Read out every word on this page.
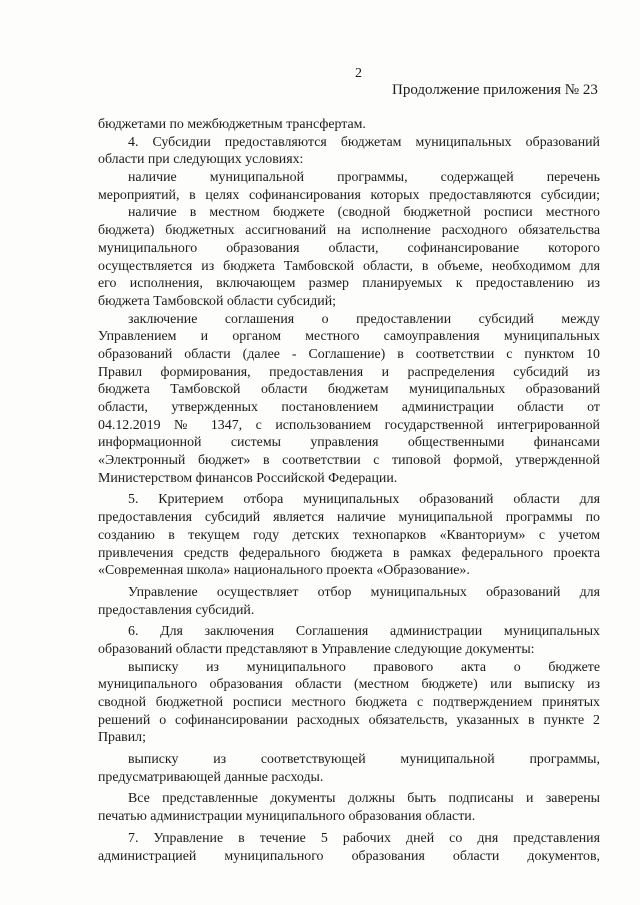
2
Продолжение приложения № 23
бюджетами по межбюджетным трансфертам.
4. Субсидии предоставляются бюджетам муниципальных образований
области при следующих условиях:
наличие муниципальной программы, содержащей перечень
мероприятий, в целях софинансирования которых предоставляются субсидии;
наличие в местном бюджете (сводной бюджетной росписи местного
бюджета) бюджетных ассигнований на исполнение расходного обязательства
муниципального образования области, софинансирование которого
осуществляется из бюджета Тамбовской области, в объеме, необходимом для
его исполнения, включающем размер планируемых к предоставлению из
бюджета Тамбовской области субсидий;
заключение соглашения о предоставлении субсидий между
Управлением и органом местного самоуправления муниципальных
образований области (далее - Соглашение) в соответствии с пунктом 10
Правил формирования, предоставления и распределения субсидий из
бюджета Тамбовской области бюджетам муниципальных образований
области, утвержденных постановлением администрации области от
04.12.2019 № 1347, с использованием государственной интегрированной
информационной системы управления общественными финансами
«Электронный бюджет» в соответствии с типовой формой, утвержденной
Министерством финансов Российской Федерации.
5. Критерием отбора муниципальных образований области для
предоставления субсидий является наличие муниципальной программы по
созданию в текущем году детских технопарков «Кванториум» с учетом
привлечения средств федерального бюджета в рамках федерального проекта
«Современная школа» национального проекта «Образование».
Управление осуществляет отбор муниципальных образований для
предоставления субсидий.
6. Для заключения Соглашения администрации муниципальных
образований области представляют в Управление следующие документы:
выписку из муниципального правового акта о бюджете
муниципального образования области (местном бюджете) или выписку из
сводной бюджетной росписи местного бюджета с подтверждением принятых
решений о софинансировании расходных обязательств, указанных в пункте 2
Правил;
выписку из соответствующей муниципальной программы,
предусматривающей данные расходы.
Все представленные документы должны быть подписаны и заверены
печатью администрации муниципального образования области.
7. Управление в течение 5 рабочих дней со дня представления
администрацией муниципального образования области документов,
